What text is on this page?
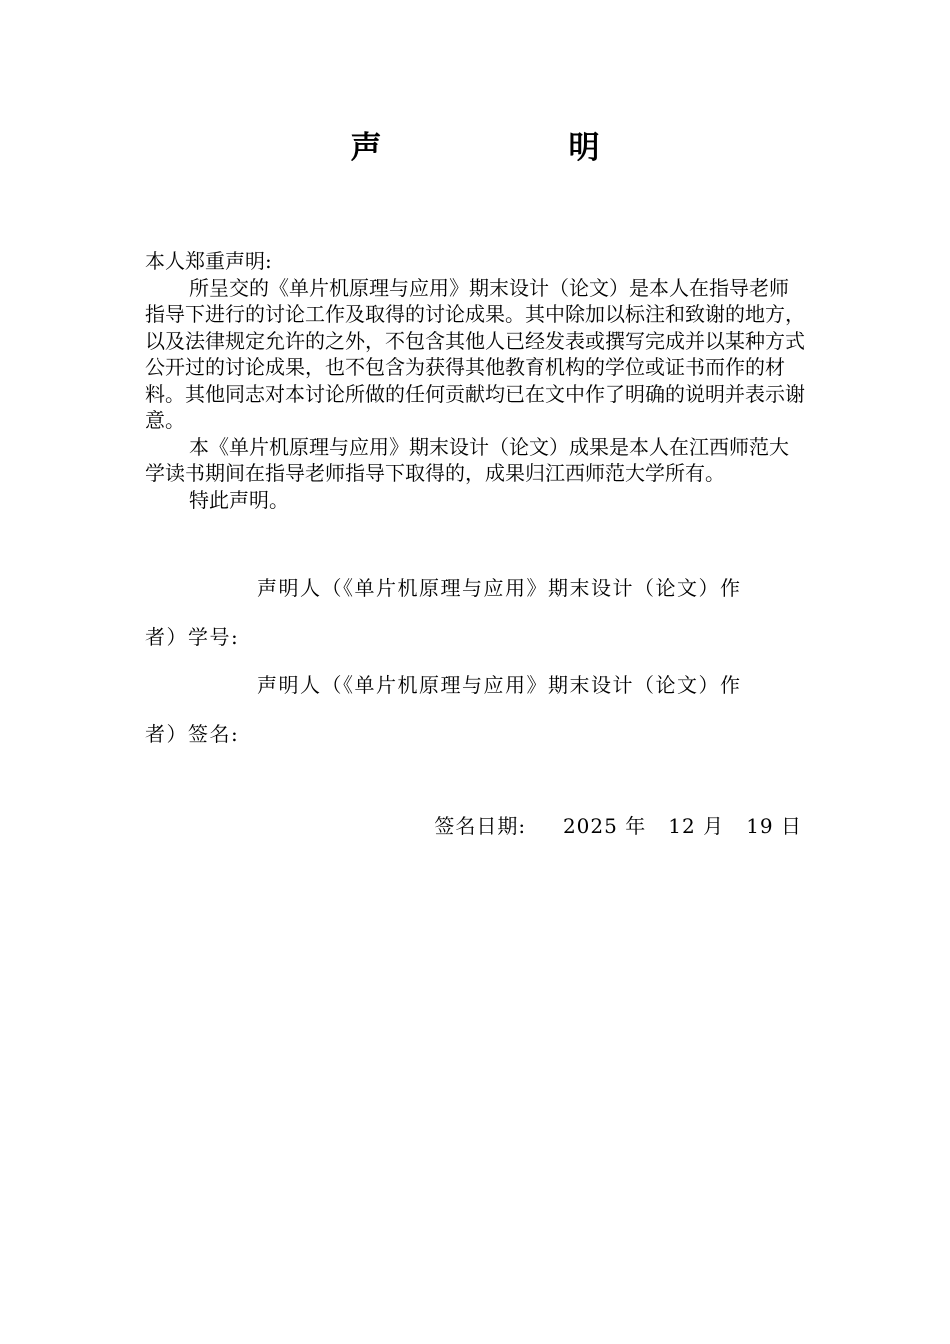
声　明

本人郑重声明:

所呈交的《单片机原理与应用》期末设计（论文）是本人在指导老师指导下进行的讨论工作及取得的讨论成果。其中除加以标注和致谢的地方，以及法律规定允许的之外，不包含其他人已经发表或撰写完成并以某种方式公开过的讨论成果，也不包含为获得其他教育机构的学位或证书而作的材料。其他同志对本讨论所做的任何贡献均已在文中作了明确的说明并表示谢意。

本《单片机原理与应用》期末设计（论文）成果是本人在江西师范大学读书期间在指导老师指导下取得的，成果归江西师范大学所有。

特此声明。

声明人（《单片机原理与应用》期末设计（论文）作
者）学号:
声明人（《单片机原理与应用》期末设计（论文）作
者）签名:
签名日期: 2025 年 12 月 19 日
